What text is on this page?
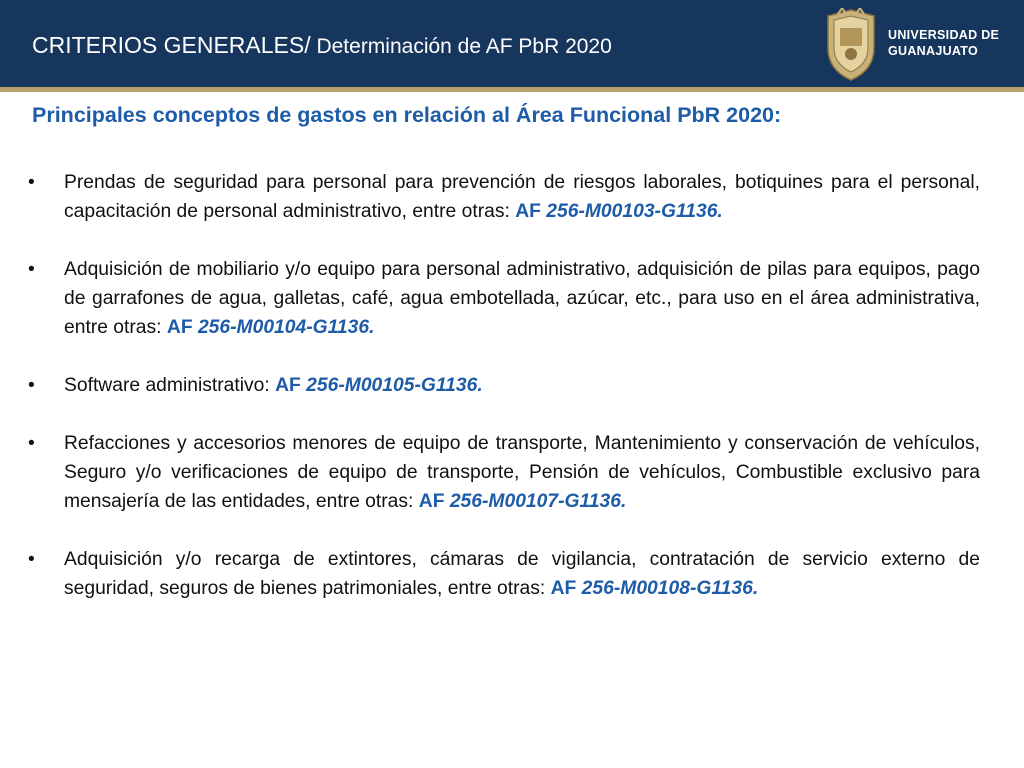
CRITERIOS GENERALES/ Determinación de AF PbR 2020	UNIVERSIDAD DE
GUANAJUATO
Principales conceptos de gastos en relación al Área Funcional PbR 2020:
• Prendas de seguridad para personal para prevención de riesgos laborales, botiquines para el personal, capacitación de personal administrativo, entre otras: AF 256-M00103-G1136.
• Adquisición de mobiliario y/o equipo para personal administrativo, adquisición de pilas para equipos, pago de garrafones de agua, galletas, café, agua embotellada, azúcar, etc., para uso en el área administrativa, entre otras: AF 256-M00104-G1136.
• Software administrativo: AF 256-M00105-G1136.
• Refacciones y accesorios menores de equipo de transporte, Mantenimiento y conservación de vehículos, Seguro y/o verificaciones de equipo de transporte, Pensión de vehículos, Combustible exclusivo para mensajería de las entidades, entre otras: AF 256-M00107-G1136.
• Adquisición y/o recarga de extintores, cámaras de vigilancia, contratación de servicio externo de seguridad, seguros de bienes patrimoniales, entre otras: AF 256-M00108-G1136.
